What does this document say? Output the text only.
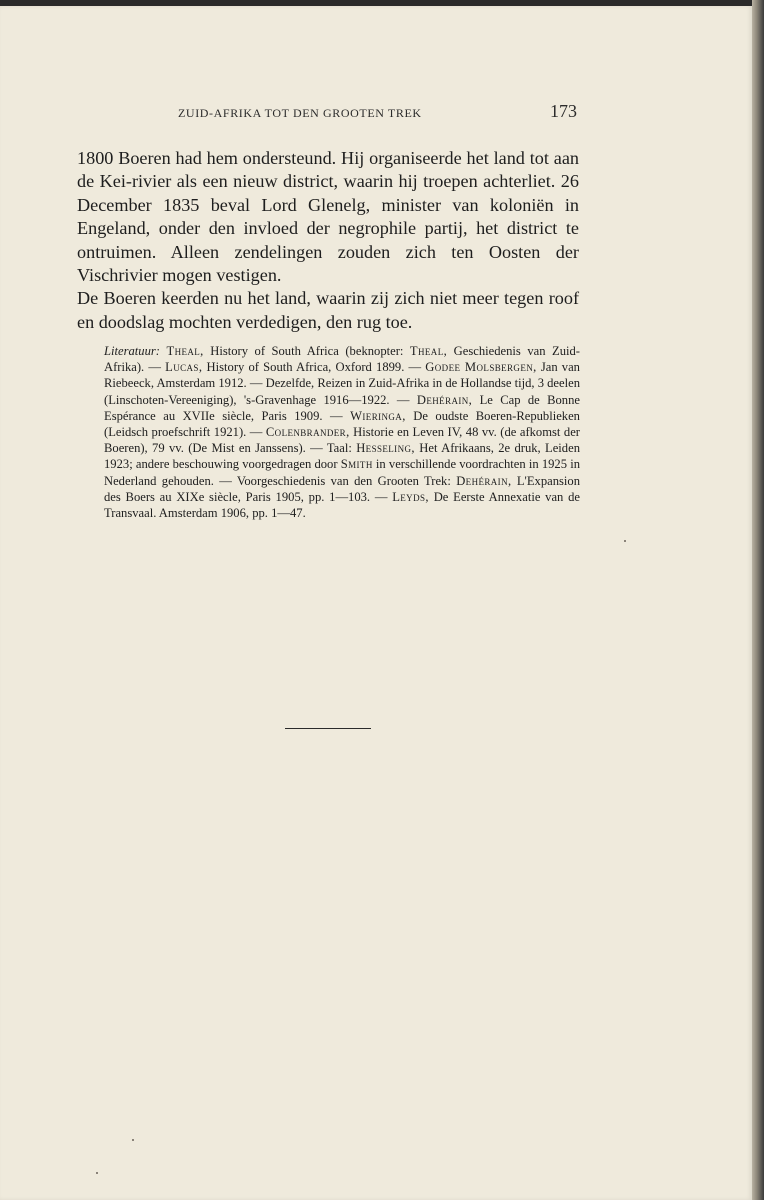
ZUID-AFRIKA TOT DEN GROOTEN TREK	173

1800 Boeren had hem ondersteund. Hij organiseerde het land tot aan de Kei-rivier als een nieuw district, waarin hij troepen achterliet. 26 December 1835 beval Lord Glenelg, minister van koloniën in Engeland, onder den invloed der negrophile partij, het district te ontruimen. Alleen zendelingen zouden zich ten Oosten der Vischrivier mogen vestigen.

De Boeren keerden nu het land, waarin zij zich niet meer tegen roof en doodslag mochten verdedigen, den rug toe.

Literatuur: Theal, History of South Africa (beknopter: Theal, Geschiedenis van Zuid-Afrika). — Lucas, History of South Africa, Oxford 1899. — Godee Molsbergen, Jan van Riebeeck, Amsterdam 1912. — Dezelfde, Reizen in Zuid-Afrika in de Hollandse tijd, 3 deelen (Linschoten-Vereeniging), 's-Gravenhage 1916—1922. — Dehérain, Le Cap de Bonne Espérance au XVIIe siècle, Paris 1909. — Wieringa, De oudste Boeren-Republieken (Leidsch proefschrift 1921). — Colenbrander, Historie en Leven IV, 48 vv. (de afkomst der Boeren), 79 vv. (De Mist en Janssens). — Taal: Hesseling, Het Afrikaans, 2e druk, Leiden 1923; andere beschouwing voorgedragen door Smith in verschillende voordrachten in 1925 in Nederland gehouden. — Voorgeschiedenis van den Grooten Trek: Dehérain, L'Expansion des Boers au XIXe siècle, Paris 1905, pp. 1—103. — Leyds, De Eerste Annexatie van de Transvaal. Amsterdam 1906, pp. 1—47.
